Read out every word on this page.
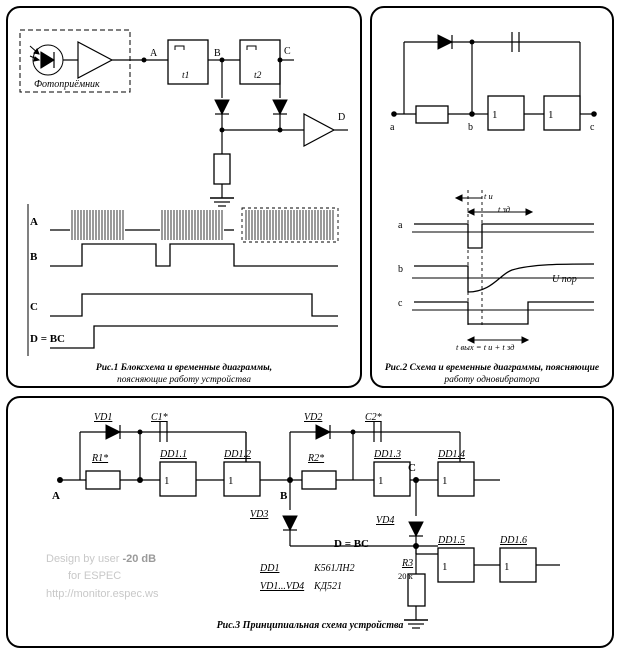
Фотоприёмник
A
t1
B
t2
C
D
A
B
C
D = BC
Рис.1 Блоксхема и временные диаграммы,
поясняющие работу устройства
a	b
1	1
c
t и
t зд
a
b
c
U пор
t вых = t и + t зд
Рис.2 Схема и временные диаграммы, поясняющие
работу одновибратора
1	1	1	1
1	1
VD1	C1*
R1*	DD1.1	DD1.2
VD2	C2*
R2*	DD1.3	DD1.4
DD1.5	DD1.6
VD3
VD4
A	B
C
D = BC
R3
20 к
DD1	К561ЛН2
VD1...VD4 КД521
Design by user -20 dB
for ESPEC
http://monitor.espec.ws
Рис.3 Принципиальная схема устройства
